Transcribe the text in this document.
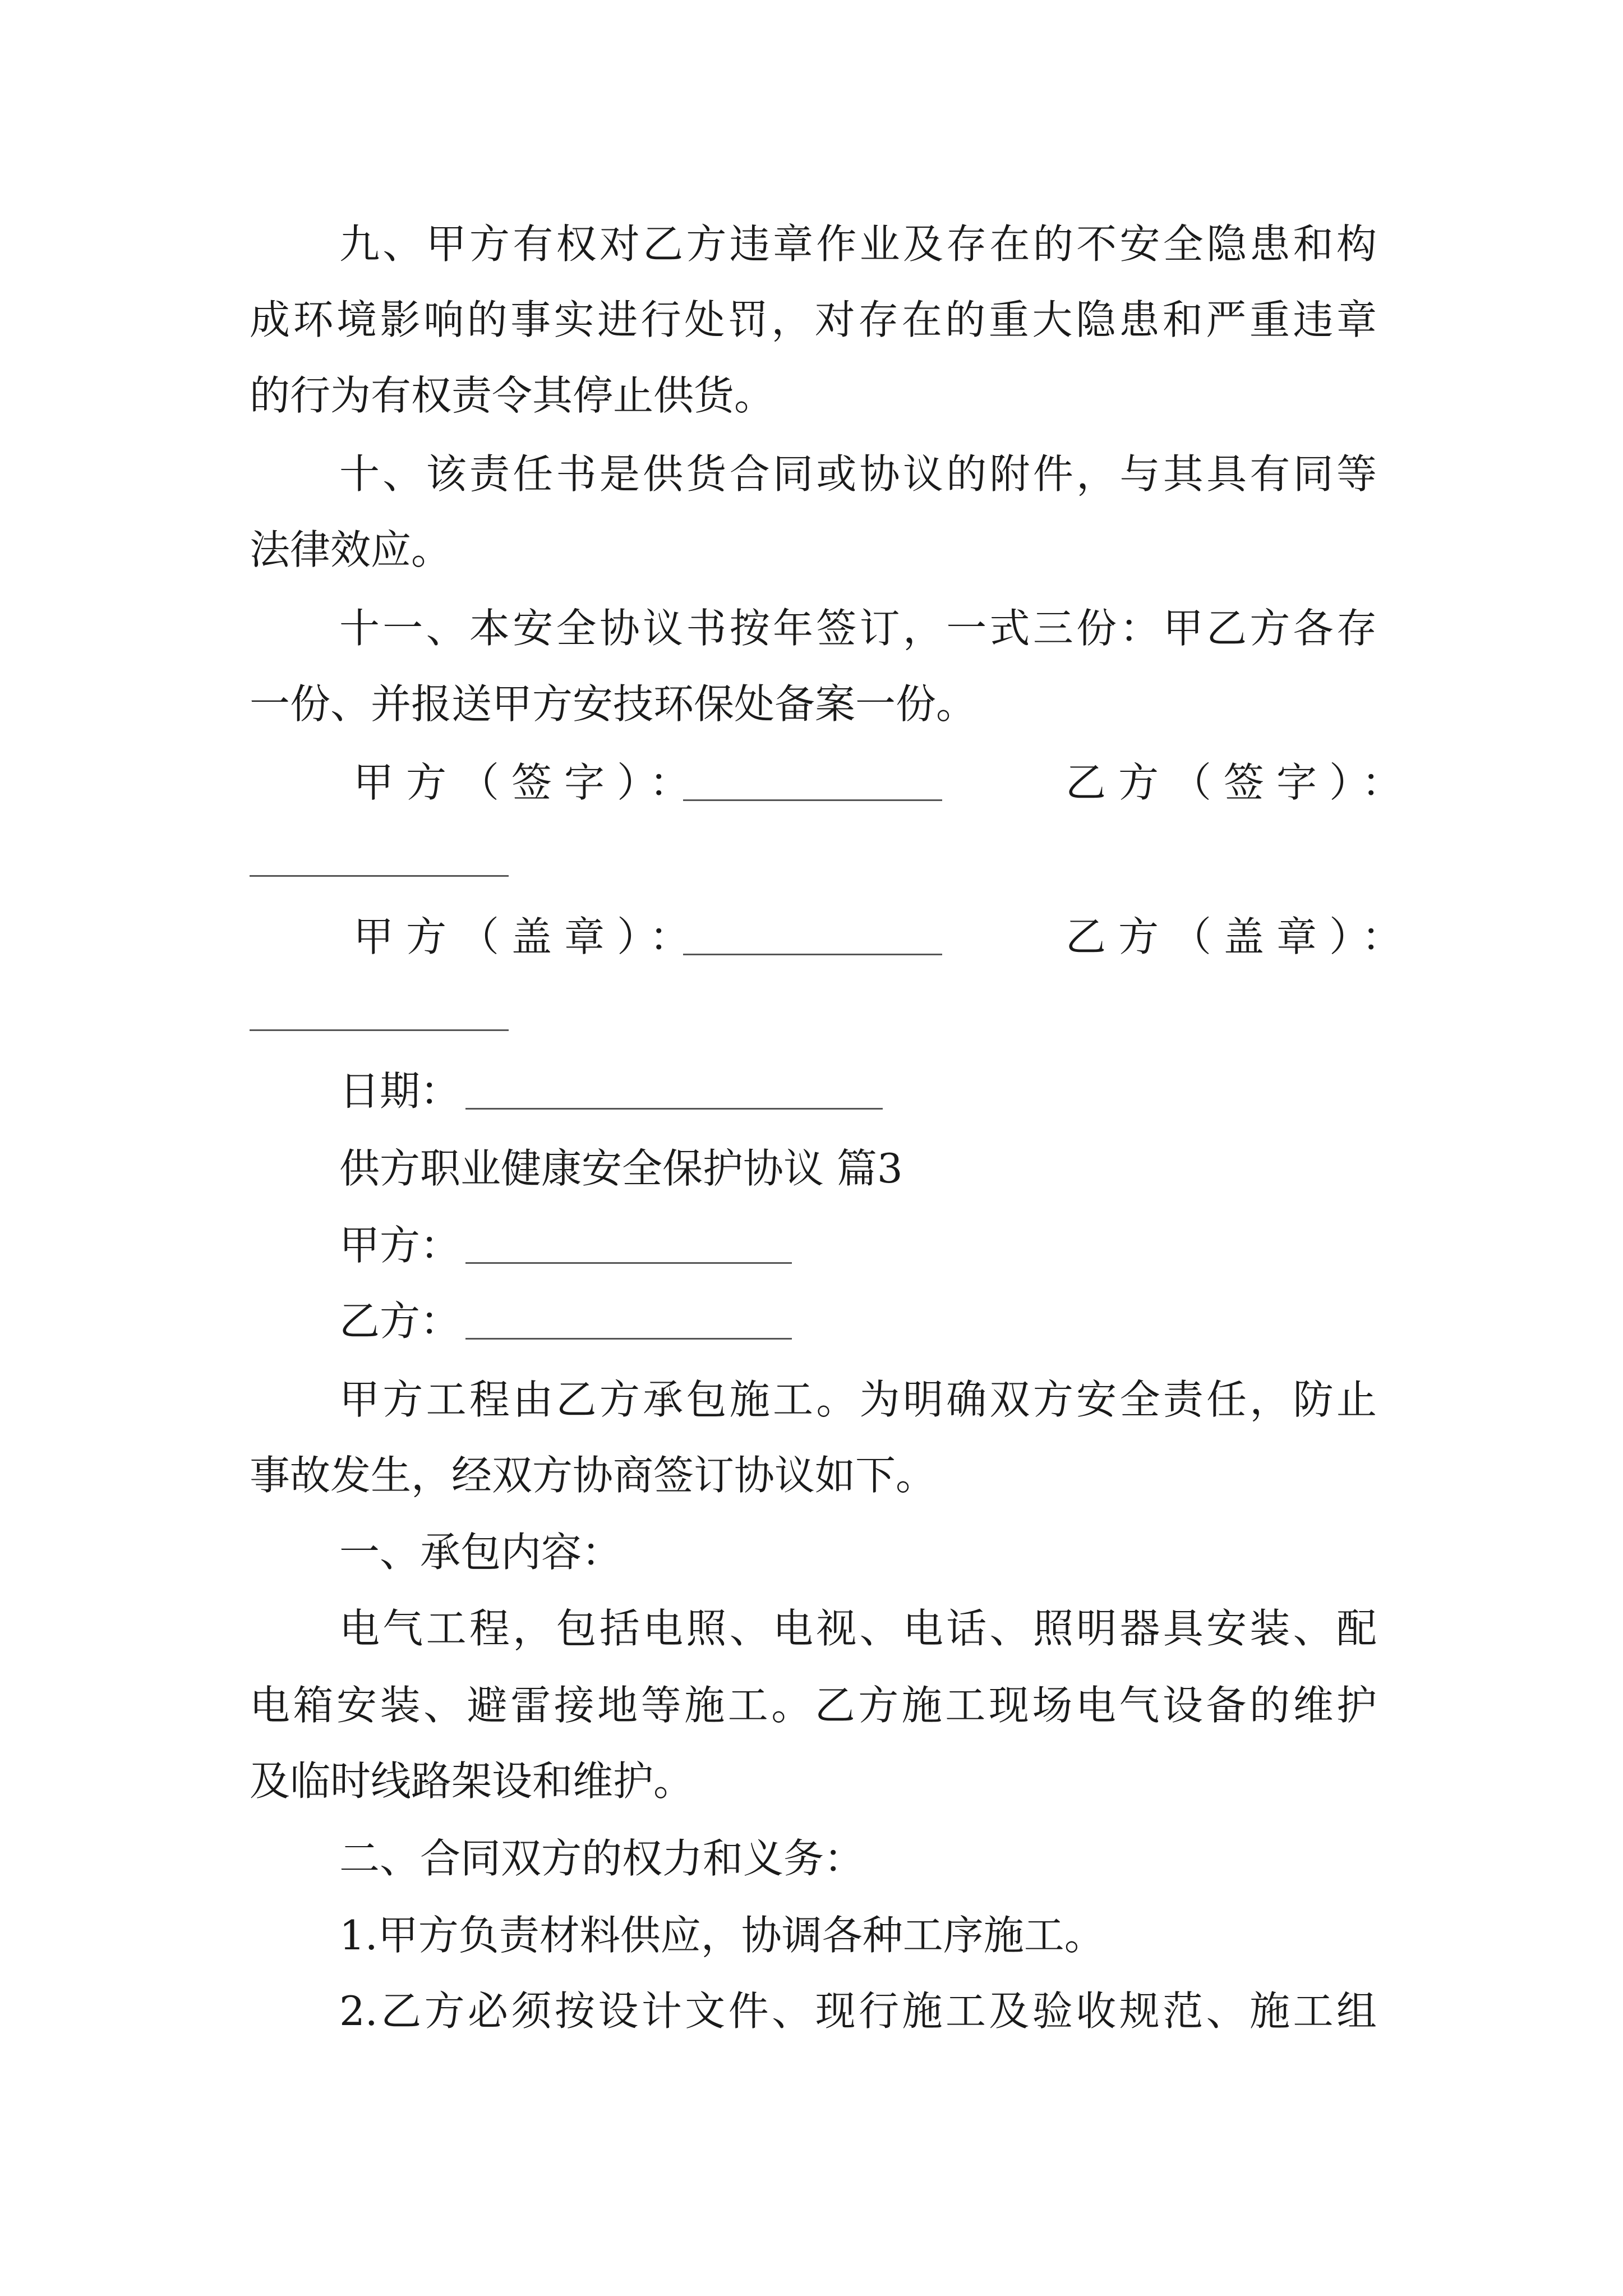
九、甲方有权对乙方违章作业及存在的不安全隐患和构
成环境影响的事实进行处罚，对存在的重大隐患和严重违章
的行为有权责令其停止供货。
十、该责任书是供货合同或协议的附件，与其具有同等
法律效应。
十一、本安全协议书按年签订，一式三份：甲乙方各存
一份、并报送甲方安技环保处备案一份。
甲方（签字）：	乙方（签字）：
甲方（盖章）：	乙方（盖章）：
日期：
供方职业健康安全保护协议 篇3
甲方：
乙方：
甲方工程由乙方承包施工。为明确双方安全责任，防止
事故发生，经双方协商签订协议如下。
一、承包内容：
电气工程，包括电照、电视、电话、照明器具安装、配
电箱安装、避雷接地等施工。乙方施工现场电气设备的维护
及临时线路架设和维护。
二、合同双方的权力和义务：
1.甲方负责材料供应，协调各种工序施工。
2.乙方必须按设计文件、现行施工及验收规范、施工组
